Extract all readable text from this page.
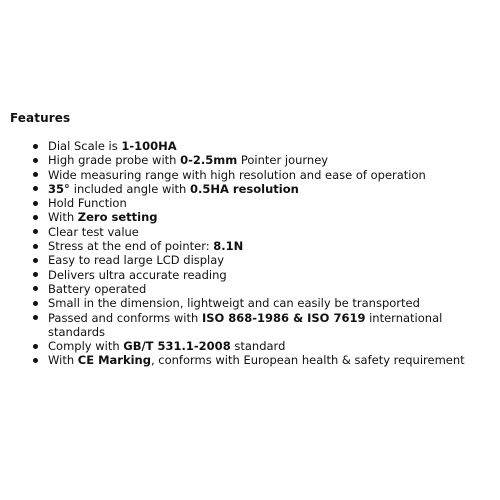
Features
Dial Scale is 1-100HA
High grade probe with 0-2.5mm Pointer journey
Wide measuring range with high resolution and ease of operation
35° included angle with 0.5HA resolution
Hold Function
With Zero setting
Clear test value
Stress at the end of pointer: 8.1N
Easy to read large LCD display
Delivers ultra accurate reading
Battery operated
Small in the dimension, lightweigt and can easily be transported
Passed and conforms with ISO 868-1986 & ISO 7619 international standards
Comply with GB/T 531.1-2008 standard
With CE Marking, conforms with European health & safety requirement
